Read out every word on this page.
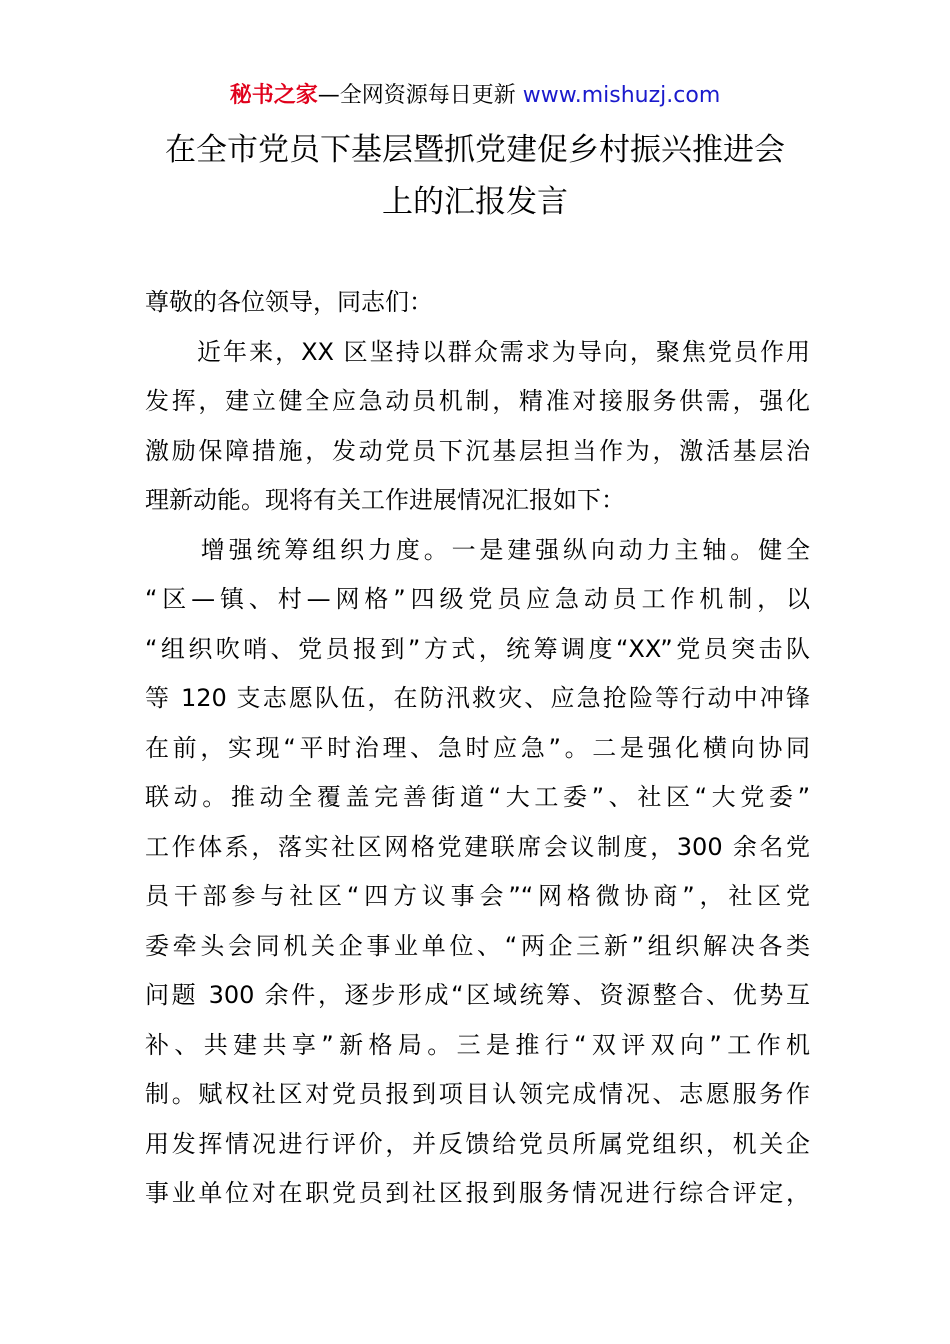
秘书之家—全网资源每日更新 www.mishuzj.com
在全市党员下基层暨抓党建促乡村振兴推进会
上的汇报发言
尊敬的各位领导，同志们：
　　近年来，XX 区坚持以群众需求为导向，聚焦党员作用
发挥，建立健全应急动员机制，精准对接服务供需，强化
激励保障措施，发动党员下沉基层担当作为，激活基层治
理新动能。现将有关工作进展情况汇报如下：
　　增强统筹组织力度。一是建强纵向动力主轴。健全
“区—镇、村—网格”四级党员应急动员工作机制，以
“组织吹哨、党员报到”方式，统筹调度“XX”党员突击队
等 120 支志愿队伍，在防汛救灾、应急抢险等行动中冲锋
在前，实现“平时治理、急时应急”。二是强化横向协同
联动。推动全覆盖完善街道“大工委”、社区“大党委”
工作体系，落实社区网格党建联席会议制度，300 余名党
员干部参与社区“四方议事会”“网格微协商”，社区党
委牵头会同机关企事业单位、“两企三新”组织解决各类
问题 300 余件，逐步形成“区域统筹、资源整合、优势互
补、共建共享”新格局。三是推行“双评双向”工作机
制。赋权社区对党员报到项目认领完成情况、志愿服务作
用发挥情况进行评价，并反馈给党员所属党组织，机关企
事业单位对在职党员到社区报到服务情况进行综合评定，
